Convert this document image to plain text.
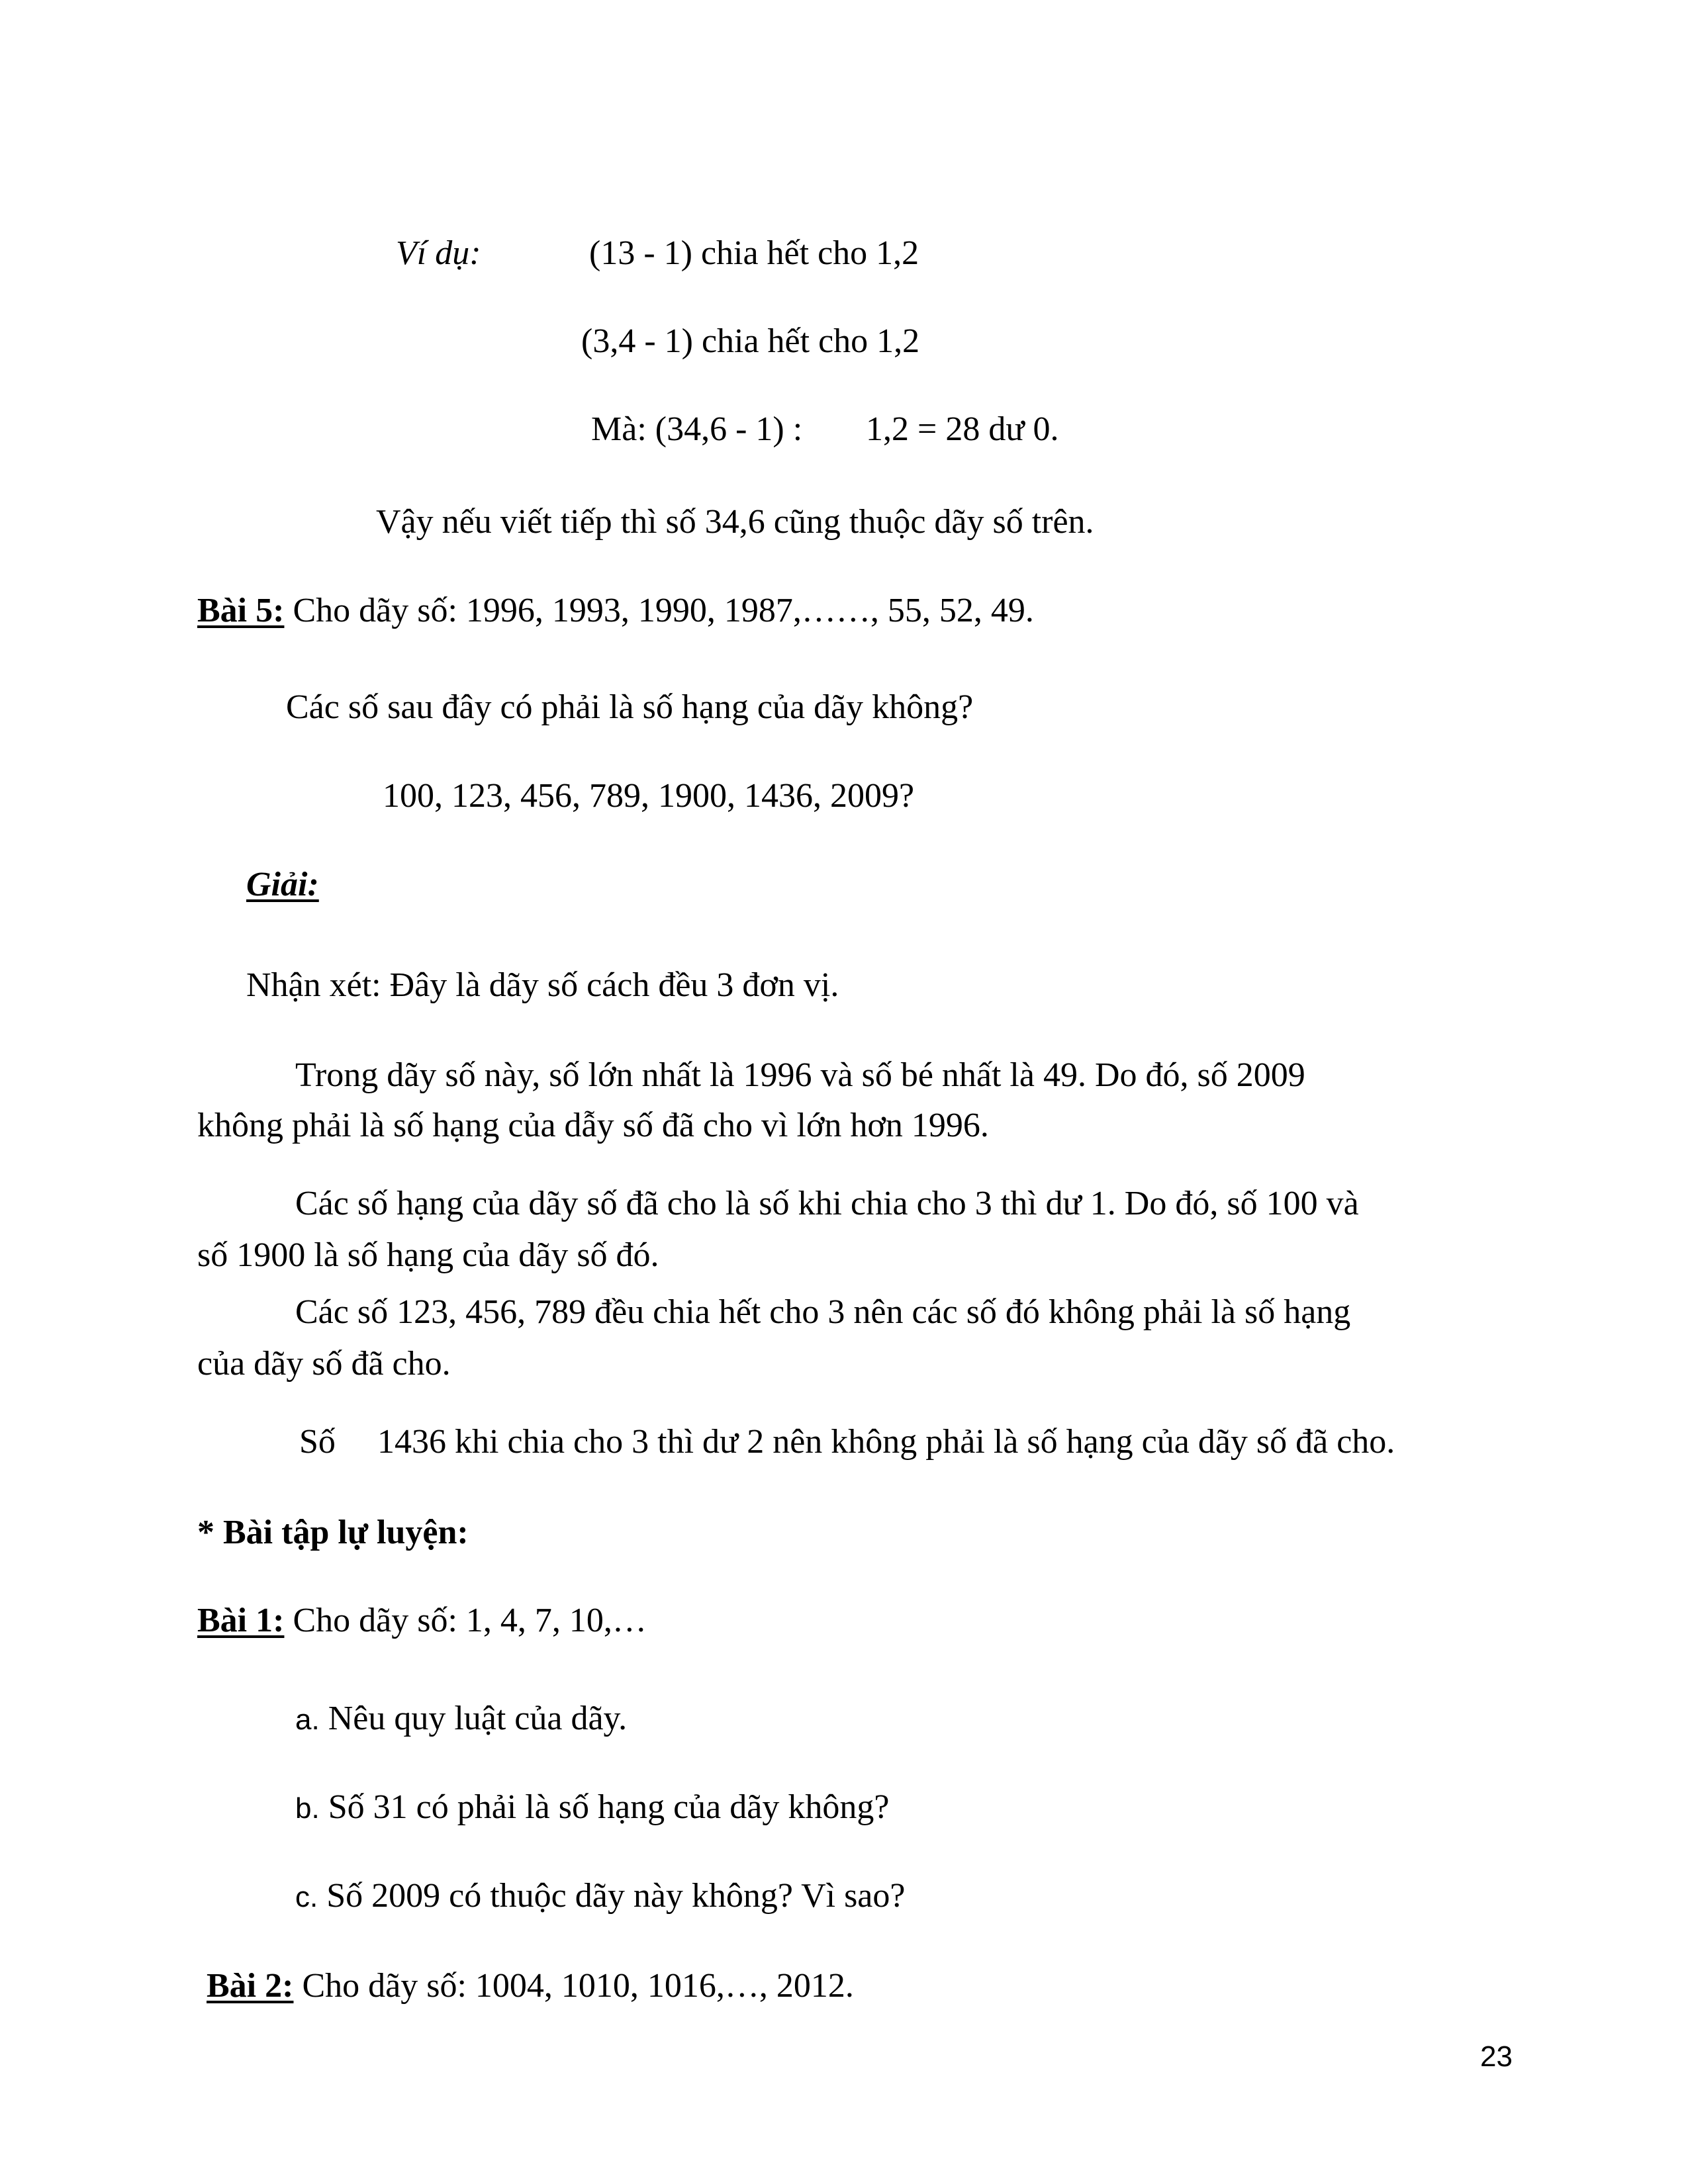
Ví dụ:	(13 - 1) chia hết cho 1,2
(3,4 - 1) chia hết cho 1,2
Mà: (34,6 - 1) : 1,2 = 28 dư 0.
Vậy nếu viết tiếp thì số 34,6 cũng thuộc dãy số trên.
Bài 5: Cho dãy số: 1996, 1993, 1990, 1987,……, 55, 52, 49.
Các số sau đây có phải là số hạng của dãy không?
100, 123, 456, 789, 1900, 1436, 2009?
Giải:
Nhận xét: Đây là dãy số cách đều 3 đơn vị.
Trong dãy số này, số lớn nhất là 1996 và số bé nhất là 49. Do đó, số 2009
không phải là số hạng của dẫy số đã cho vì lớn hơn 1996.
Các số hạng của dãy số đã cho là số khi chia cho 3 thì dư 1. Do đó, số 100 và
số 1900 là số hạng của dãy số đó.
Các số 123, 456, 789 đều chia hết cho 3 nên các số đó không phải là số hạng
của dãy số đã cho.
Số 1436 khi chia cho 3 thì dư 2 nên không phải là số hạng của dãy số đã cho.
* Bài tập lự luyện:
Bài 1: Cho dãy số: 1, 4, 7, 10,…
a. Nêu quy luật của dãy.
b. Số 31 có phải là số hạng của dãy không?
c. Số 2009 có thuộc dãy này không? Vì sao?
Bài 2: Cho dãy số: 1004, 1010, 1016,…, 2012.
23
